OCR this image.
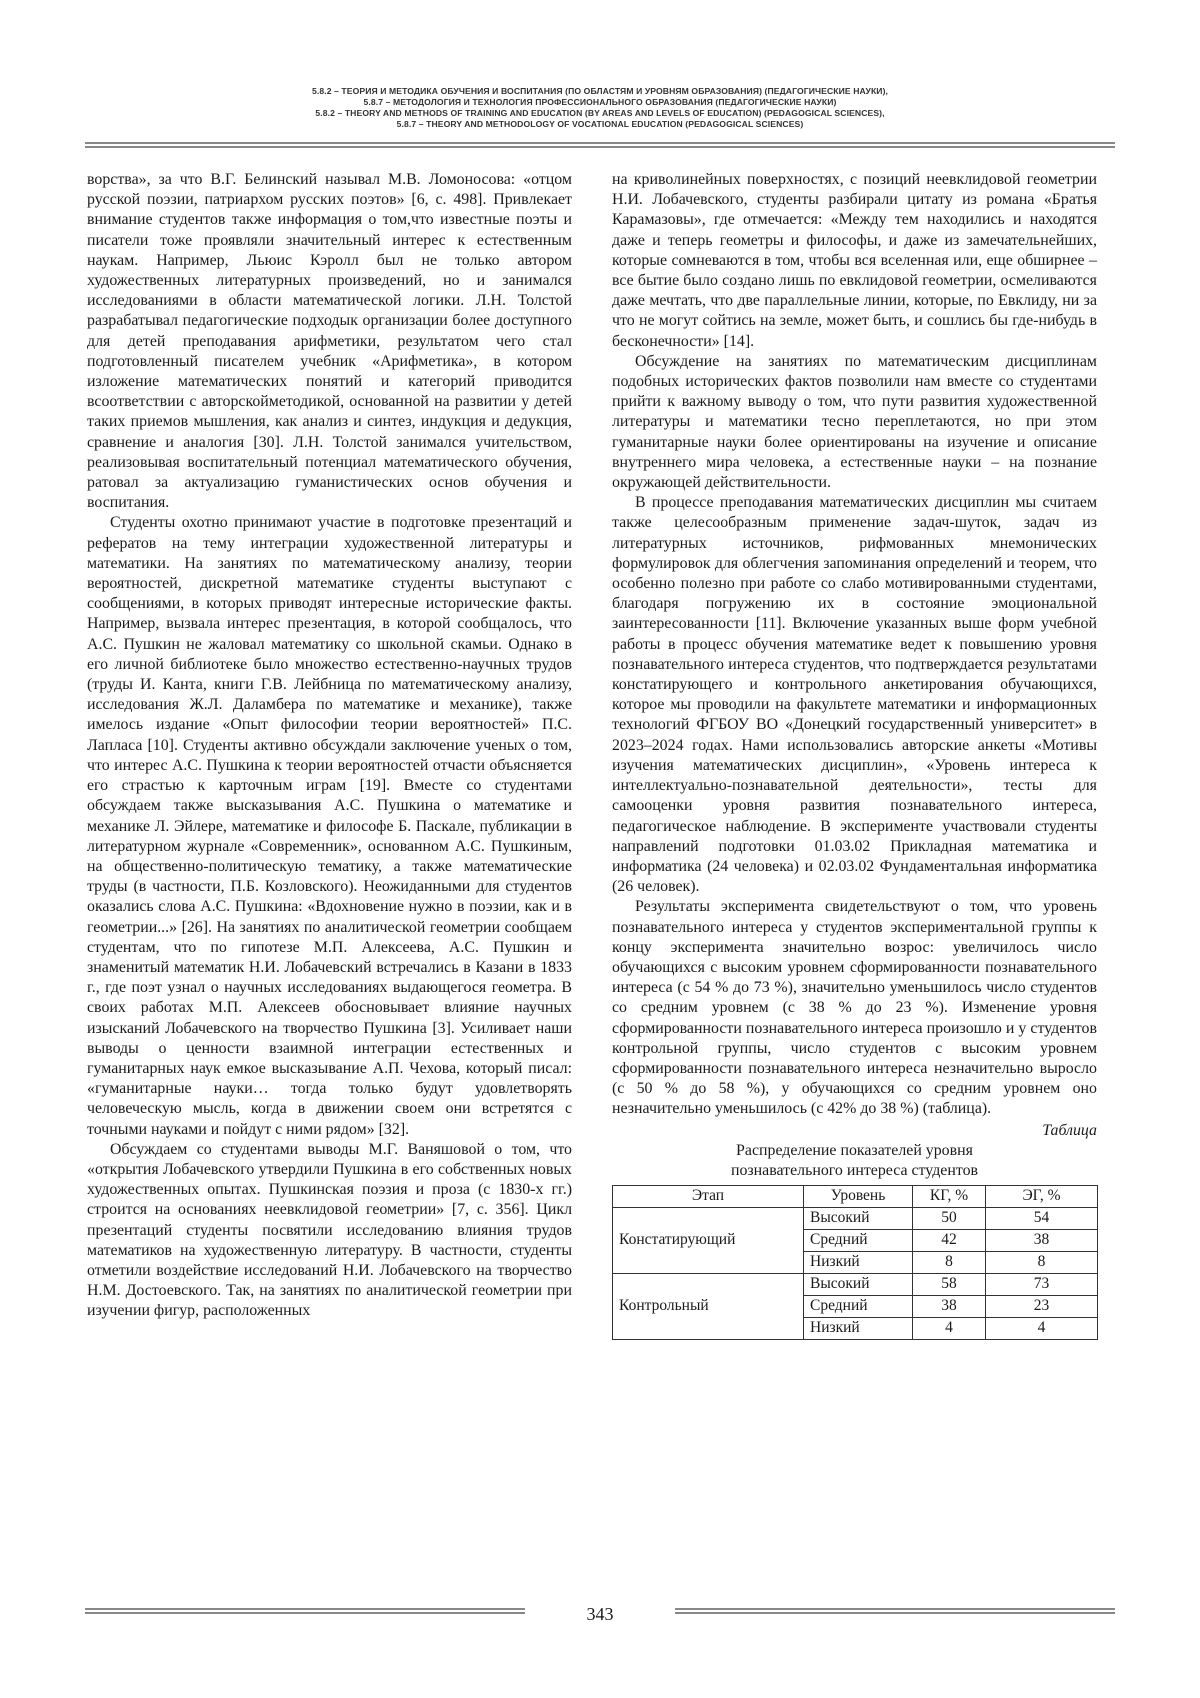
5.8.2 – ТЕОРИЯ И МЕТОДИКА ОБУЧЕНИЯ И ВОСПИТАНИЯ (ПО ОБЛАСТЯМ И УРОВНЯМ ОБРАЗОВАНИЯ) (ПЕДАГОГИЧЕСКИЕ НАУКИ),
5.8.7 – МЕТОДОЛОГИЯ И ТЕХНОЛОГИЯ ПРОФЕССИОНАЛЬНОГО ОБРАЗОВАНИЯ (ПЕДАГОГИЧЕСКИЕ НАУКИ)
5.8.2 – THEORY AND METHODS OF TRAINING AND EDUCATION (BY AREAS AND LEVELS OF EDUCATION) (PEDAGOGICAL SCIENCES),
5.8.7 – THEORY AND METHODOLOGY OF VOCATIONAL EDUCATION (PEDAGOGICAL SCIENCES)

ворства», за что В.Г. Белинский называл М.В. Ломоносова: «отцом русской поэзии, патриархом русских поэтов» [6, с. 498]. Привлекает внимание студентов также информация о том,что известные поэты и писатели тоже проявляли значительный интерес к естественным наукам. Например, Льюис Кэролл был не только автором художественных литературных произведений, но и занимался исследованиями в области математической логики. Л.Н. Толстой разрабатывал педагогические подходык организации более доступного для детей преподавания арифметики, результатом чего стал подготовленный писателем учебник «Арифметика», в котором изложение математических понятий и категорий приводится всоответствии с авторскойметодикой, основанной на развитии у детей таких приемов мышления, как анализ и синтез, индукция и дедукция, сравнение и аналогия [30]. Л.Н. Толстой занимался учительством, реализовывая воспитательный потенциал математического обучения, ратовал за актуализацию гуманистических основ обучения и воспитания.

Студенты охотно принимают участие в подготовке презентаций и рефератов на тему интеграции художественной литературы и математики. На занятиях по математическому анализу, теории вероятностей, дискретной математике студенты выступают с сообщениями, в которых приводят интересные исторические факты. Например, вызвала интерес презентация, в которой сообщалось, что А.С. Пушкин не жаловал математику со школьной скамьи. Однако в его личной библиотеке было множество естественно-научных трудов (труды И. Канта, книги Г.В. Лейбница по математическому анализу, исследования Ж.Л. Даламбера по математике и механике), также имелось издание «Опыт философии теории вероятностей» П.С. Лапласа [10]. Студенты активно обсуждали заключение ученых о том, что интерес А.С. Пушкина к теории вероятностей отчасти объясняется его страстью к карточным играм [19]. Вместе со студентами обсуждаем также высказывания А.С. Пушкина о математике и механике Л. Эйлере, математике и философе Б. Паскале, публикации в литературном журнале «Современник», основанном А.С. Пушкиным, на общественно-политическую тематику, а также математические труды (в частности, П.Б. Козловского). Неожиданными для студентов оказались слова А.С. Пушкина: «Вдохновение нужно в поэзии, как и в геометрии...» [26]. На занятиях по аналитической геометрии сообщаем студентам, что по гипотезе М.П. Алексеева, А.С. Пушкин и знаменитый математик Н.И. Лобачевский встречались в Казани в 1833 г., где поэт узнал о научных исследованиях выдающегося геометра. В своих работах М.П. Алексеев обосновывает влияние научных изысканий Лобачевского на творчество Пушкина [3]. Усиливает наши выводы о ценности взаимной интеграции естественных и гуманитарных наук емкое высказывание А.П. Чехова, который писал: «гуманитарные науки… тогда только будут удовлетворять человеческую мысль, когда в движении своем они встретятся с точными науками и пойдут с ними рядом» [32].

Обсуждаем со студентами выводы М.Г. Ваняшовой о том, что «открытия Лобачевского утвердили Пушкина в его собственных новых художественных опытах. Пушкинская поэзия и проза (с 1830-х гг.) строится на основаниях неевклидовой геометрии» [7, с. 356]. Цикл презентаций студенты посвятили исследованию влияния трудов математиков на художественную литературу. В частности, студенты отметили воздействие исследований Н.И. Лобачевского на творчество Н.М. Достоевского. Так, на занятиях по аналитической геометрии при изучении фигур, расположенных

на криволинейных поверхностях, с позиций неевклидовой геометрии Н.И. Лобачевского, студенты разбирали цитату из романа «Братья Карамазовы», где отмечается: «Между тем находились и находятся даже и теперь геометры и философы, и даже из замечательнейших, которые сомневаются в том, чтобы вся вселенная или, еще обширнее – все бытие было создано лишь по евклидовой геометрии, осмеливаются даже мечтать, что две параллельные линии, которые, по Евклиду, ни за что не могут сойтись на земле, может быть, и сошлись бы где-нибудь в бесконечности» [14].

Обсуждение на занятиях по математическим дисциплинам подобных исторических фактов позволили нам вместе со студентами прийти к важному выводу о том, что пути развития художественной литературы и математики тесно переплетаются, но при этом гуманитарные науки более ориентированы на изучение и описание внутреннего мира человека, а естественные науки – на познание окружающей действительности.

В процессе преподавания математических дисциплин мы считаем также целесообразным применение задач-шуток, задач из литературных источников, рифмованных мнемонических формулировок для облегчения запоминания определений и теорем, что особенно полезно при работе со слабо мотивированными студентами, благодаря погружению их в состояние эмоциональной заинтересованности [11]. Включение указанных выше форм учебной работы в процесс обучения математике ведет к повышению уровня познавательного интереса студентов, что подтверждается результатами констатирующего и контрольного анкетирования обучающихся, которое мы проводили на факультете математики и информационных технологий ФГБОУ ВО «Донецкий государственный университет» в 2023–2024 годах. Нами использовались авторские анкеты «Мотивы изучения математических дисциплин», «Уровень интереса к интеллектуально-познавательной деятельности», тесты для самооценки уровня развития познавательного интереса, педагогическое наблюдение. В эксперименте участвовали студенты направлений подготовки 01.03.02 Прикладная математика и информатика (24 человека) и 02.03.02 Фундаментальная информатика (26 человек).

Результаты эксперимента свидетельствуют о том, что уровень познавательного интереса у студентов экспериментальной группы к концу эксперимента значительно возрос: увеличилось число обучающихся с высоким уровнем сформированности познавательного интереса (с 54 % до 73 %), значительно уменьшилось число студентов со средним уровнем (с 38 % до 23 %). Изменение уровня сформированности познавательного интереса произошло и у студентов контрольной группы, число студентов с высоким уровнем сформированности познавательного интереса незначительно выросло (с 50 % до 58 %), у обучающихся со средним уровнем оно незначительно уменьшилось (с 42% до 38 %) (таблица).

Таблица
Распределение показателей уровня
познавательного интереса студентов
Этап	Уровень	КГ, %	ЭГ, %
Констатирующий	Высокий	50	54
	Средний	42	38
	Низкий	8	8
Контрольный	Высокий	58	73
	Средний	38	23
	Низкий	4	4
343
